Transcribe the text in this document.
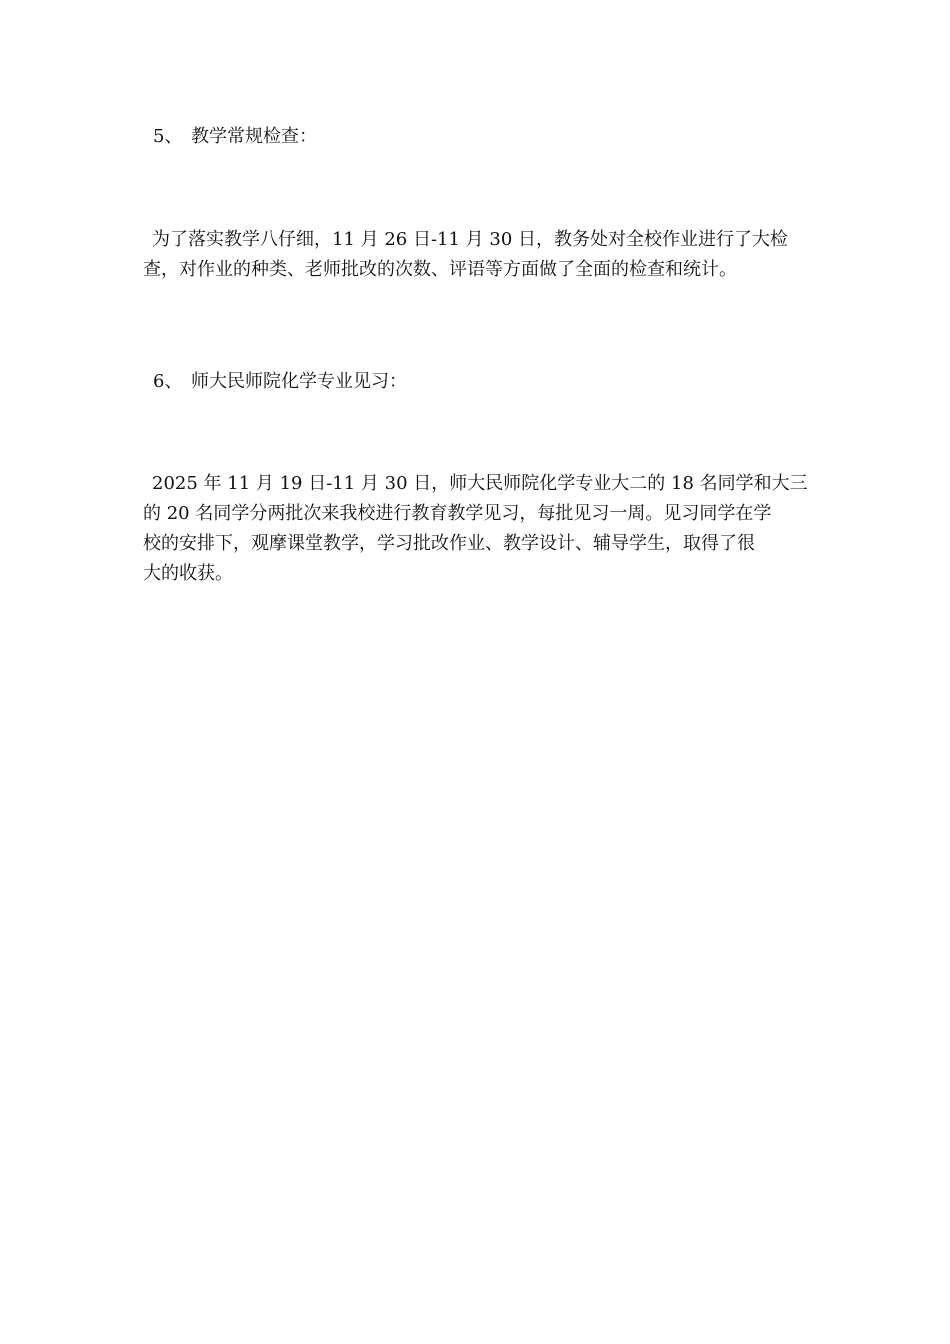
5、 教学常规检查：

为了落实教学八仔细，11 月 26 日-11 月 30 日，教务处对全校作业进行了大检

查，对作业的种类、老师批改的次数、评语等方面做了全面的检查和统计。

6、 师大民师院化学专业见习：

2025 年 11 月 19 日-11 月 30 日，师大民师院化学专业大二的 18 名同学和大三

的 20 名同学分两批次来我校进行教育教学见习，每批见习一周。见习同学在学

校的安排下，观摩课堂教学，学习批改作业、教学设计、辅导学生，取得了很

大的收获。
